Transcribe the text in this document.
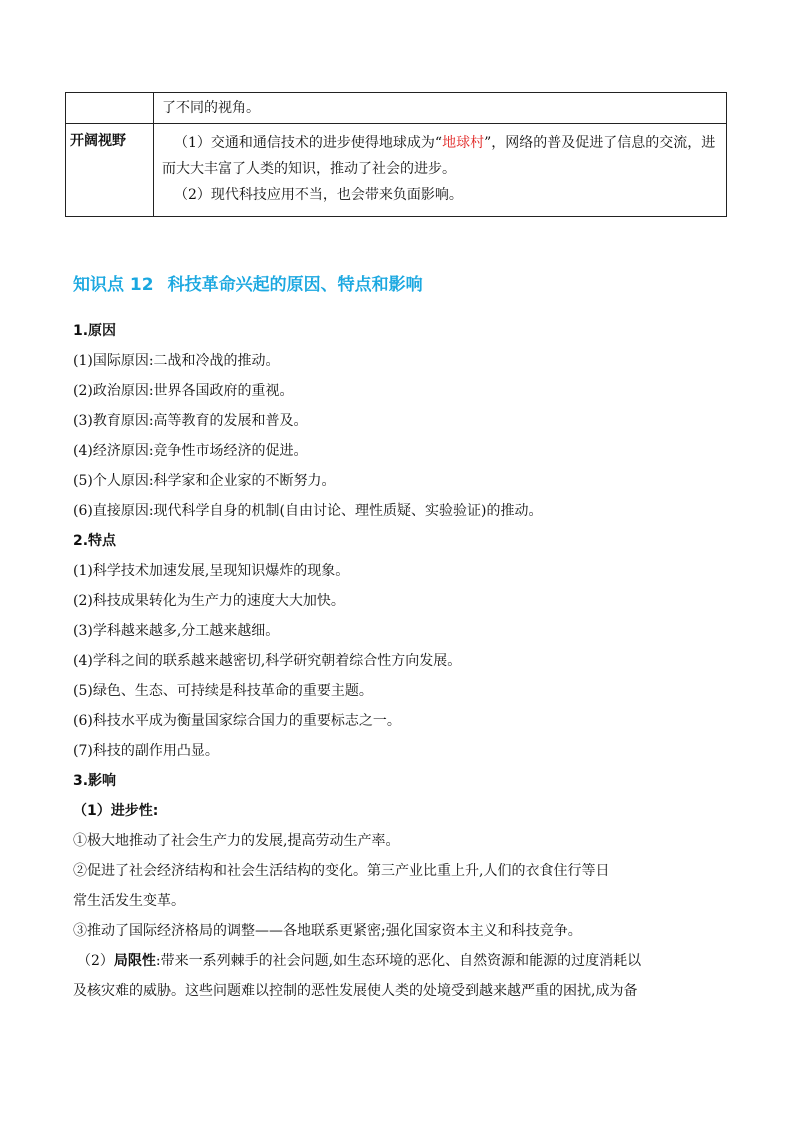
	了不同的视角。

开阔视野	（1）交通和通信技术的进步使得地球成为“地球村”，网络的普及促进了信息的交流，进而大大丰富了人类的知识，推动了社会的进步。
（2）现代科技应用不当，也会带来负面影响。
知识点 12 科技革命兴起的原因、特点和影响
1.原因
(1)国际原因:二战和冷战的推动。
(2)政治原因:世界各国政府的重视。
(3)教育原因:高等教育的发展和普及。
(4)经济原因:竞争性市场经济的促进。
(5)个人原因:科学家和企业家的不断努力。
(6)直接原因:现代科学自身的机制(自由讨论、理性质疑、实验验证)的推动。
2.特点
(1)科学技术加速发展,呈现知识爆炸的现象。
(2)科技成果转化为生产力的速度大大加快。
(3)学科越来越多,分工越来越细。
(4)学科之间的联系越来越密切,科学研究朝着综合性方向发展。
(5)绿色、生态、可持续是科技革命的重要主题。
(6)科技水平成为衡量国家综合国力的重要标志之一。
(7)科技的副作用凸显。
3.影响
（1）进步性:
①极大地推动了社会生产力的发展,提高劳动生产率。
②促进了社会经济结构和社会生活结构的变化。第三产业比重上升,人们的衣食住行等日
常生活发生变革。
③推动了国际经济格局的调整——各地联系更紧密;强化国家资本主义和科技竞争。
（2）局限性:带来一系列棘手的社会问题,如生态环境的恶化、自然资源和能源的过度消耗以
及核灾难的威胁。这些问题难以控制的恶性发展使人类的处境受到越来越严重的困扰,成为备
